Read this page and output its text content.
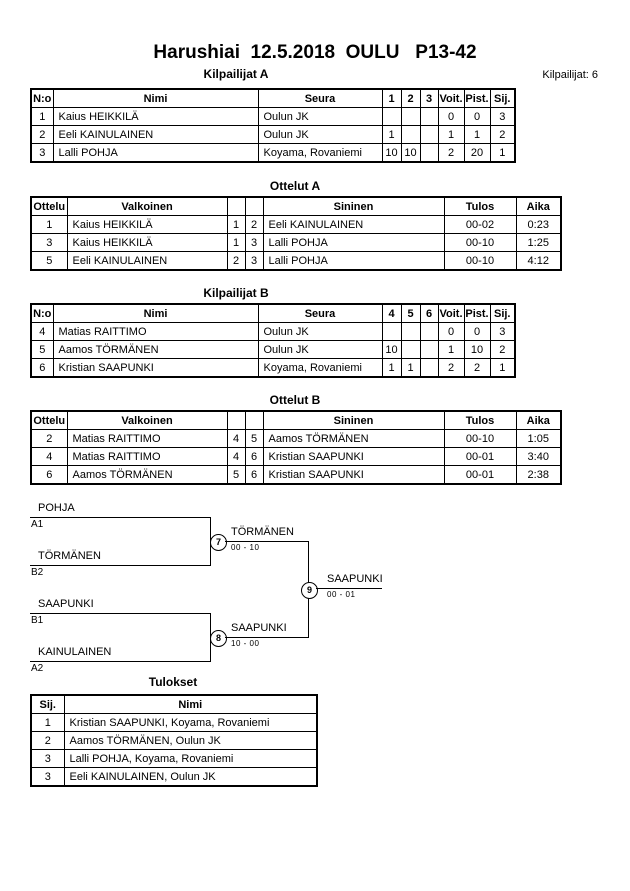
Harushiai  12.5.2018  OULU   P13-42
Kilpailijat A	Kilpailijat: 6
N:o	Nimi	Seura	1	2	3	Voit.	Pist.	Sij.
1	Kaius HEIKKILÄ	Oulun JK				0	0	3
2	Eeli KAINULAINEN	Oulun JK	1			1	1	2
3	Lalli POHJA	Koyama, Rovaniemi	10	10		2	20	1
Ottelut A
Ottelu	Valkoinen			Sininen	Tulos	Aika
1	Kaius HEIKKILÄ	1	2	Eeli KAINULAINEN	00-02	0:23
3	Kaius HEIKKILÄ	1	3	Lalli POHJA	00-10	1:25
5	Eeli KAINULAINEN	2	3	Lalli POHJA	00-10	4:12
Kilpailijat B
N:o	Nimi	Seura	4	5	6	Voit.	Pist.	Sij.
4	Matias RAITTIMO	Oulun JK				0	0	3
5	Aamos TÖRMÄNEN	Oulun JK	10			1	10	2
6	Kristian SAAPUNKI	Koyama, Rovaniemi	1	1		2	2	1
Ottelut B
Ottelu	Valkoinen			Sininen	Tulos	Aika
2	Matias RAITTIMO	4	5	Aamos TÖRMÄNEN	00-10	1:05
4	Matias RAITTIMO	4	6	Kristian SAAPUNKI	00-01	3:40
6	Aamos TÖRMÄNEN	5	6	Kristian SAAPUNKI	00-01	2:38
POHJA
A1
TÖRMÄNEN
B2
7
TÖRMÄNEN
00 - 10
SAAPUNKI
B1
KAINULAINEN
A2
8
SAAPUNKI
10 - 00
9
SAAPUNKI
00 - 01
Tulokset
Sij.	Nimi
1	Kristian SAAPUNKI, Koyama, Rovaniemi
2	Aamos TÖRMÄNEN, Oulun JK
3	Lalli POHJA, Koyama, Rovaniemi
3	Eeli KAINULAINEN, Oulun JK
